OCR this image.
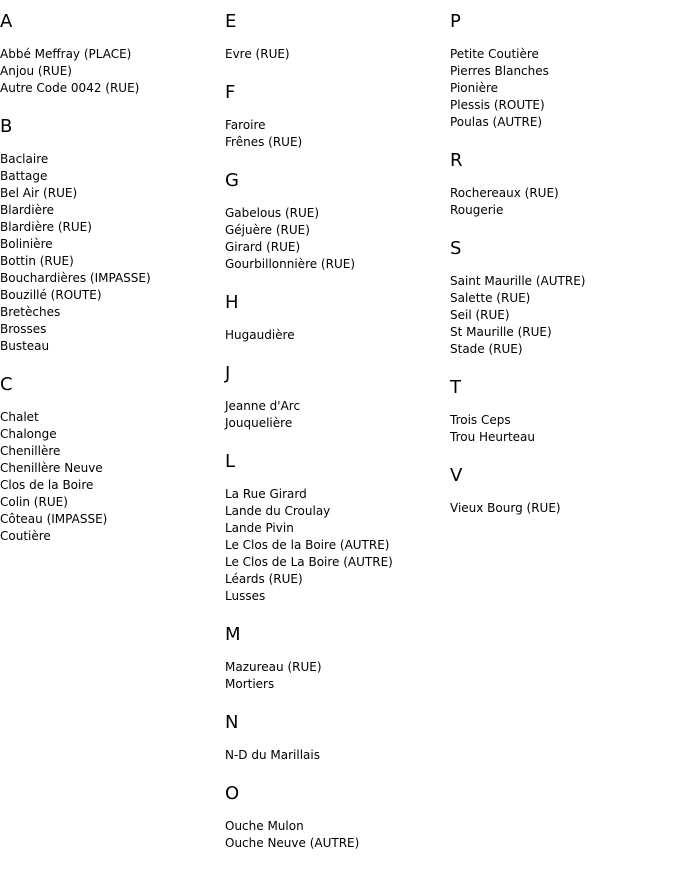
A
Abbé Meffray (PLACE)
Anjou (RUE)
Autre Code 0042 (RUE)
B
Baclaire
Battage
Bel Air (RUE)
Blardière
Blardière (RUE)
Bolinière
Bottin (RUE)
Bouchardières (IMPASSE)
Bouzillé (ROUTE)
Bretèches
Brosses
Busteau
C
Chalet
Chalonge
Chenillère
Chenillère Neuve
Clos de la Boire
Colin (RUE)
Côteau (IMPASSE)
Coutière
E
Evre (RUE)
F
Faroire
Frênes (RUE)
G
Gabelous (RUE)
Géjuère (RUE)
Girard (RUE)
Gourbillonnière (RUE)
H
Hugaudière
J
Jeanne d'Arc
Jouquelière
L
La Rue Girard
Lande du Croulay
Lande Pivin
Le Clos de la Boire (AUTRE)
Le Clos de La Boire (AUTRE)
Léards (RUE)
Lusses
M
Mazureau (RUE)
Mortiers
N
N-D du Marillais
O
Ouche Mulon
Ouche Neuve (AUTRE)
P
Petite Coutière
Pierres Blanches
Pionière
Plessis (ROUTE)
Poulas (AUTRE)
R
Rochereaux (RUE)
Rougerie
S
Saint Maurille (AUTRE)
Salette (RUE)
Seil (RUE)
St Maurille (RUE)
Stade (RUE)
T
Trois Ceps
Trou Heurteau
V
Vieux Bourg (RUE)
